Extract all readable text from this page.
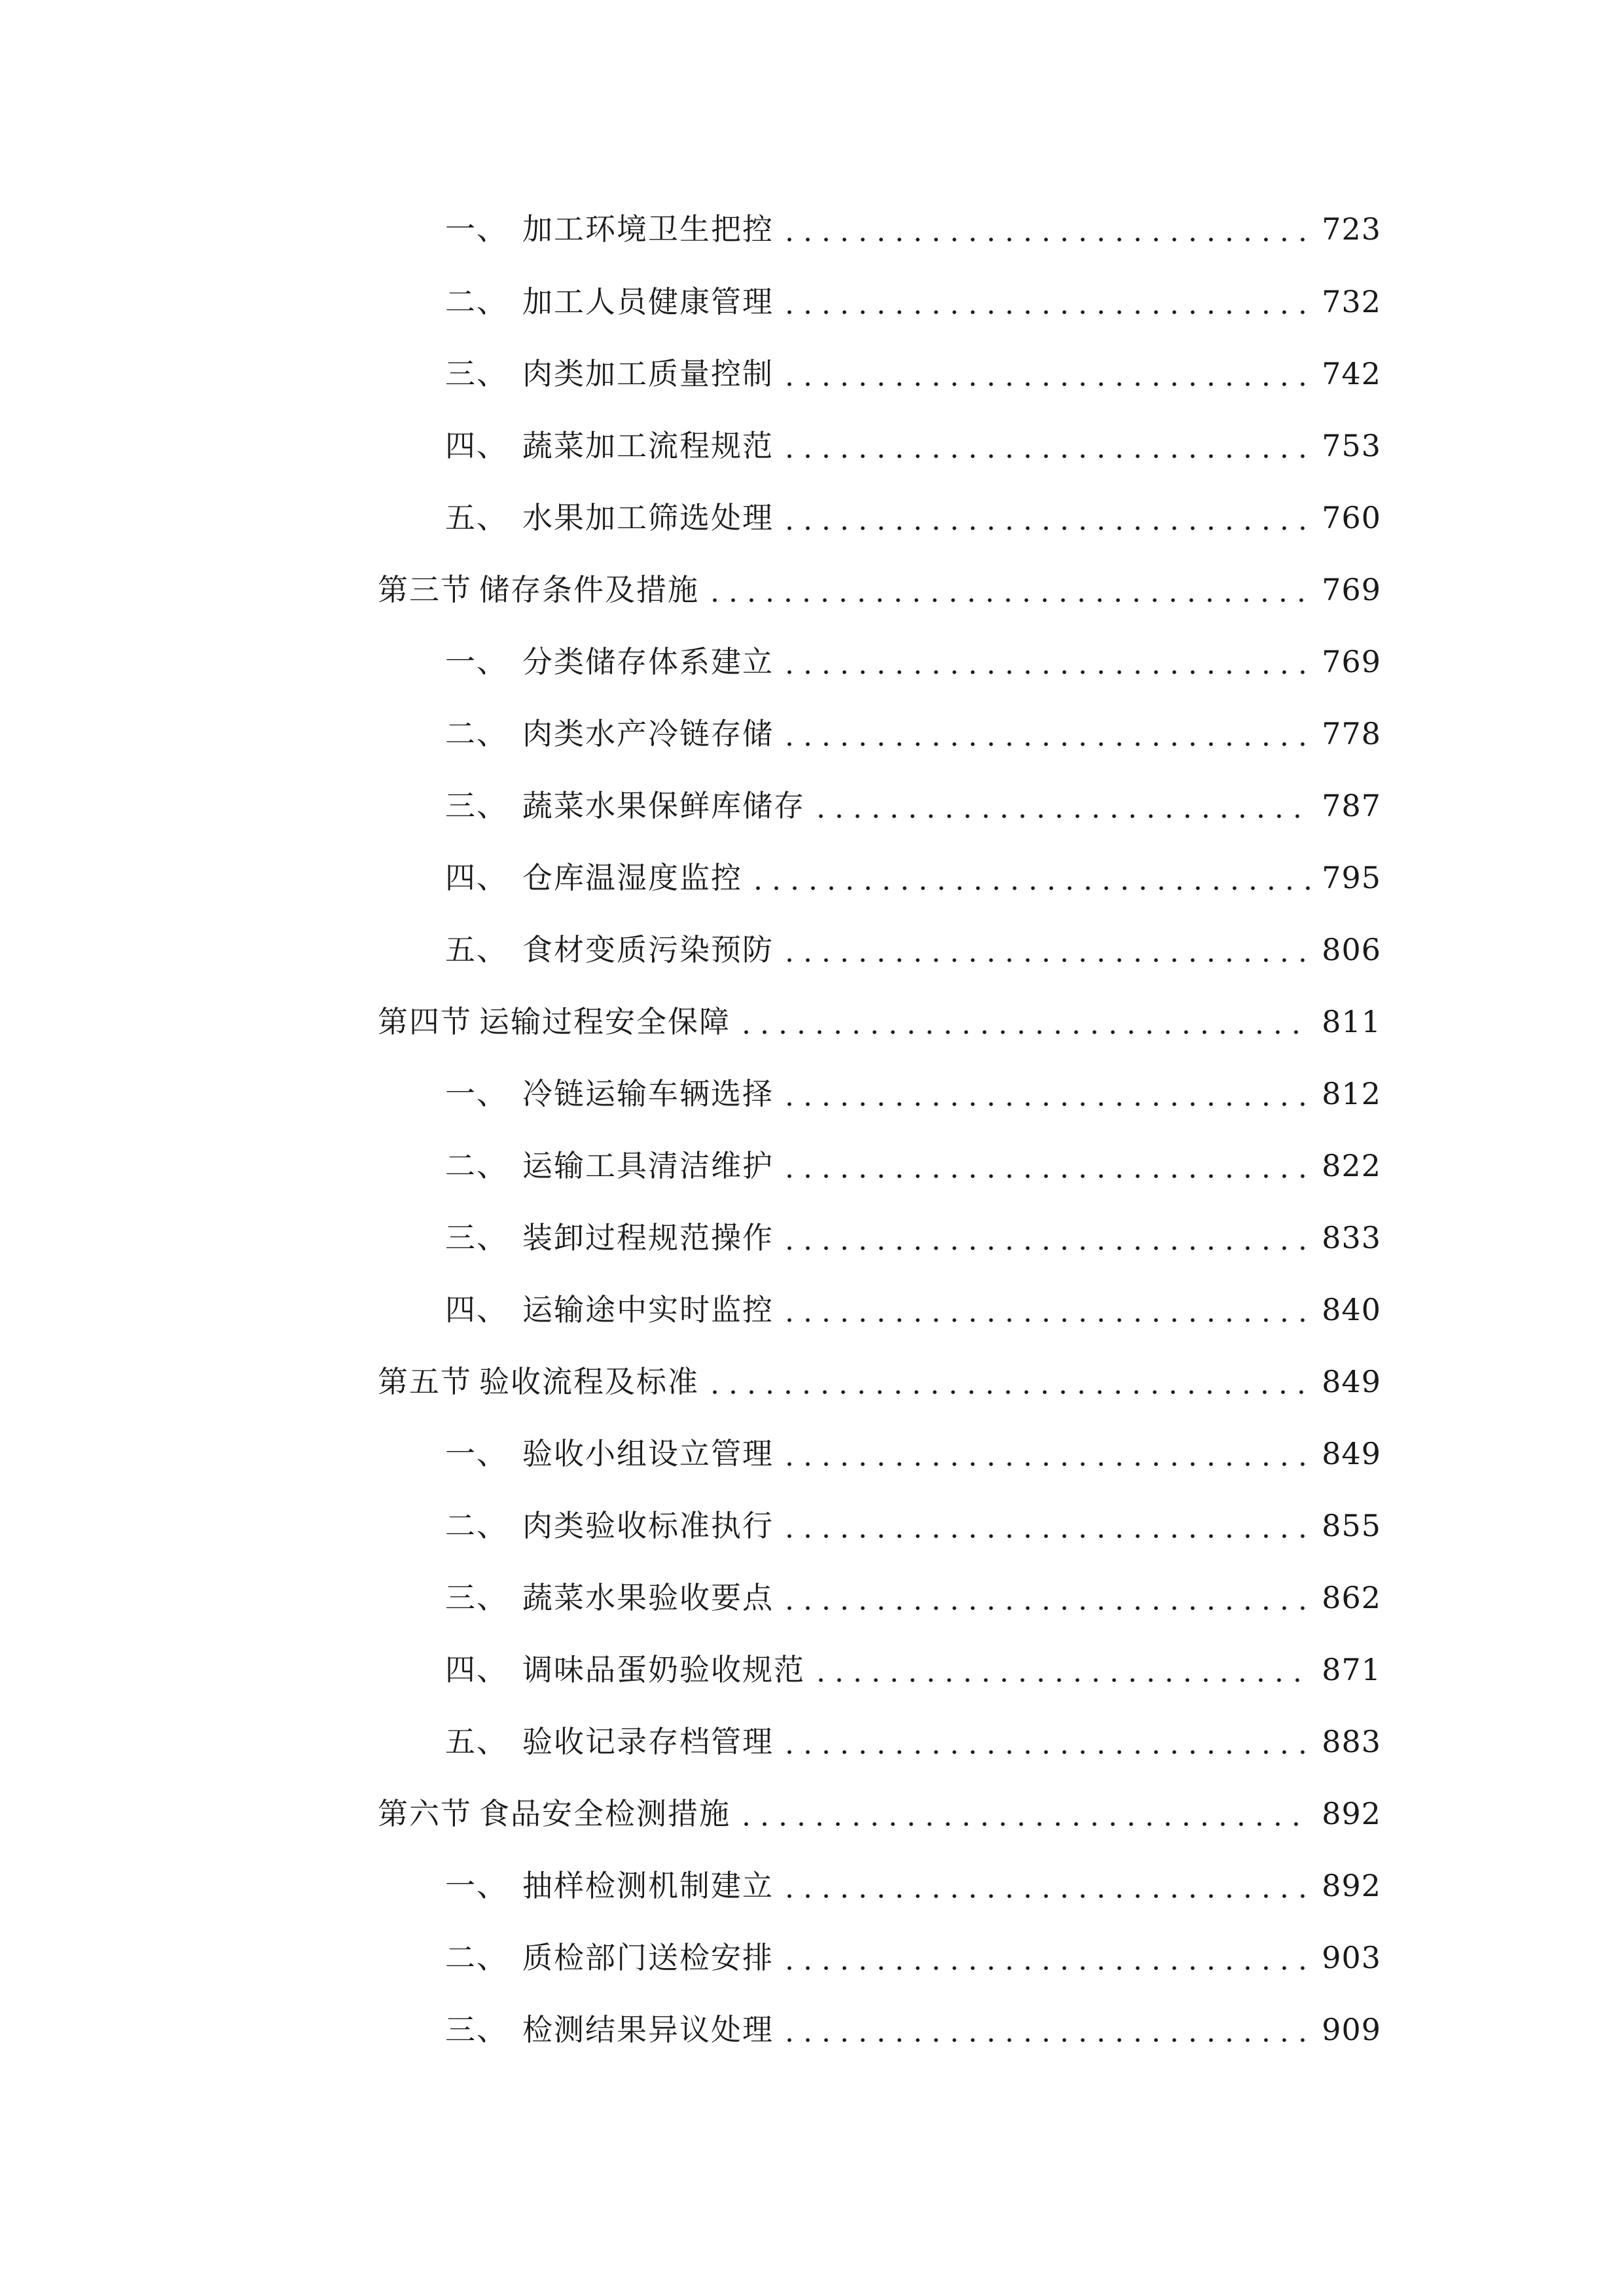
一、 加工环境卫生把控	723
二、 加工人员健康管理	732
三、 肉类加工质量控制	742
四、 蔬菜加工流程规范	753
五、 水果加工筛选处理	760
第三节 储存条件及措施	769
一、 分类储存体系建立	769
二、 肉类水产冷链存储	778
三、 蔬菜水果保鲜库储存	787
四、 仓库温湿度监控	795
五、 食材变质污染预防	806
第四节 运输过程安全保障	811
一、 冷链运输车辆选择	812
二、 运输工具清洁维护	822
三、 装卸过程规范操作	833
四、 运输途中实时监控	840
第五节 验收流程及标准	849
一、 验收小组设立管理	849
二、 肉类验收标准执行	855
三、 蔬菜水果验收要点	862
四、 调味品蛋奶验收规范	871
五、 验收记录存档管理	883
第六节 食品安全检测措施	892
一、 抽样检测机制建立	892
二、 质检部门送检安排	903
三、 检测结果异议处理	909
